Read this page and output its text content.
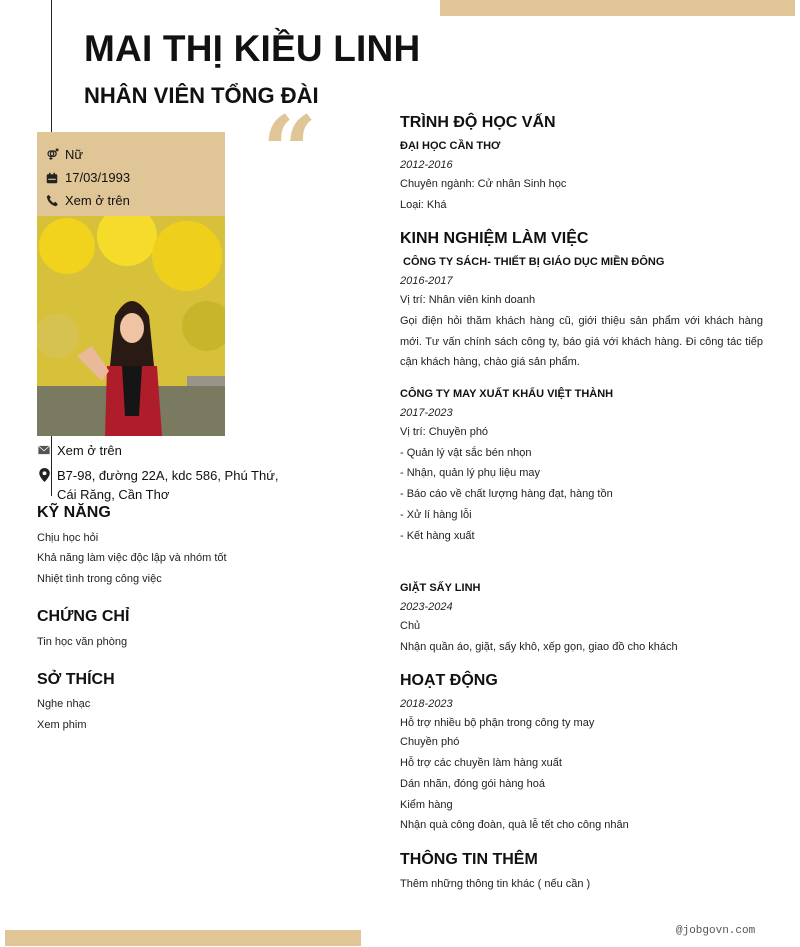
MAI THỊ KIỀU LINH
NHÂN VIÊN TỔNG ĐÀI
“
Nữ
17/03/1993
Xem ở trên
Xem ở trên
B7-98, đường 22A, kdc 586, Phú Thứ,
Cái Răng, Cần Thơ
KỸ NĂNG
Chịu học hỏi
Khả năng làm việc độc lập và nhóm tốt
Nhiệt tình trong công việc
CHỨNG CHỈ
Tin học văn phòng
SỞ THÍCH
Nghe nhạc
Xem phim
TRÌNH ĐỘ HỌC VẤN
ĐẠI HỌC CẦN THƠ
2012-2016
Chuyên ngành: Cử nhân Sinh học
Loại: Khá
KINH NGHIỆM LÀM VIỆC
CÔNG TY SÁCH- THIẾT BỊ GIÁO DỤC MIỀN ĐÔNG
2016-2017
Vị trí: Nhân viên kinh doanh
Gọi điện hỏi thăm khách hàng cũ, giới thiệu sản phẩm với khách hàng mới. Tư vấn chính sách công ty, báo giá với khách hàng. Đi công tác tiếp cận khách hàng, chào giá sản phẩm.
CÔNG TY MAY XUẤT KHẨU VIỆT THÀNH
2017-2023
Vị trí: Chuyền phó
- Quản lý vật sắc bén nhọn
- Nhận, quản lý phụ liệu may
- Báo cáo về chất lượng hàng đạt, hàng tồn
- Xử lí hàng lỗi
- Kết hàng xuất
GIẶT SẤY LINH
2023-2024
Chủ
Nhận quần áo, giặt, sấy khô, xếp gọn, giao đồ cho khách
HOẠT ĐỘNG
2018-2023
Hỗ trợ nhiều bộ phận trong công ty may
Chuyền phó
Hỗ trợ các chuyền làm hàng xuất
Dán nhãn, đóng gói hàng hoá
Kiểm hàng
Nhận quà công đoàn, quà lễ tết cho công nhân
THÔNG TIN THÊM
Thêm những thông tin khác ( nếu cần )
@jobgovn.com
